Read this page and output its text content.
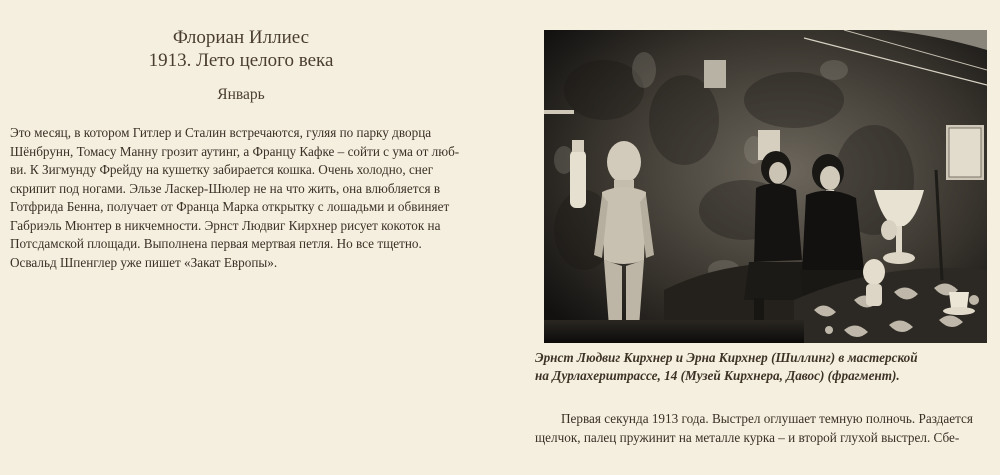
Флориан Иллиес
1913. Лето целого века
Январь
Это месяц, в котором Гитлер и Сталин встречаются, гуляя по парку дворца
Шёнбрунн, Томасу Манну грозит аутинг, а Францу Кафке – сойти с ума от люб-
ви. К Зигмунду Фрейду на кушетку забирается кошка. Очень холодно, снег
скрипит под ногами. Эльзе Ласкер-Шюлер не на что жить, она влюбляется в
Готфрида Бенна, получает от Франца Марка открытку с лошадьми и обвиняет
Габриэль Мюнтер в никчемности. Эрнст Людвиг Кирхнер рисует кокоток на
Потсдамской площади. Выполнена первая мертвая петля. Но все тщетно.
Освальд Шпенглер уже пишет «Закат Европы».
Эрнст Людвиг Кирхнер и Эрна Кирхнер (Шиллинг) в мастерской
на Дурлахерштрассе, 14 (Музей Кирхнера, Давос) (фрагмент).
Первая секунда 1913 года. Выстрел оглушает темную полночь. Раздается
щелчок, палец пружинит на металле курка – и второй глухой выстрел. Сбе-
